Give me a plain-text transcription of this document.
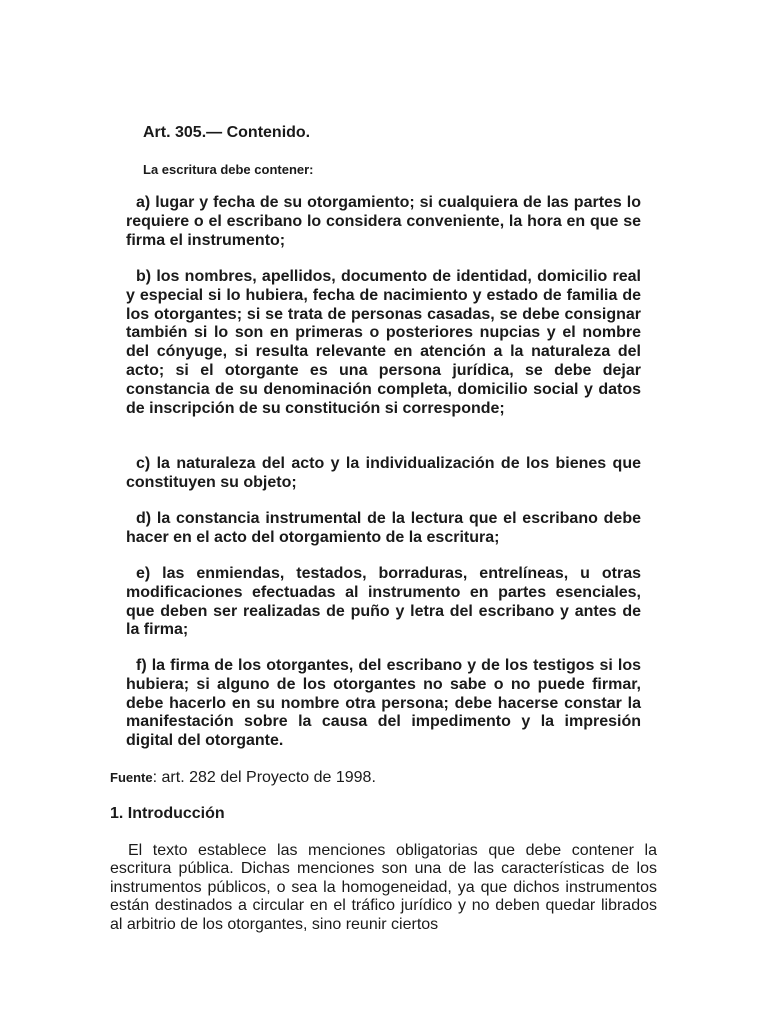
Art. 305.— Contenido.
La escritura debe contener:

a) lugar y fecha de su otorgamiento; si cualquiera de las partes lo requiere o el escribano lo considera conveniente, la hora en que se firma el instrumento;

b) los nombres, apellidos, documento de identidad, domicilio real y especial si lo hubiera, fecha de nacimiento y estado de familia de los otorgantes; si se trata de personas casadas, se debe consignar también si lo son en primeras o posteriores nupcias y el nombre del cónyuge, si resulta relevante en atención a la naturaleza del acto; si el otorgante es una persona jurídica, se debe dejar constancia de su denominación completa, domicilio social y datos de inscripción de su constitución si corresponde;

c) la naturaleza del acto y la individualización de los bienes que constituyen su objeto;

d) la constancia instrumental de la lectura que el escribano debe hacer en el acto del otorgamiento de la escritura;

e) las enmiendas, testados, borraduras, entrelíneas, u otras modificaciones efectuadas al instrumento en partes esenciales, que deben ser realizadas de puño y letra del escribano y antes de la firma;

f) la firma de los otorgantes, del escribano y de los testigos si los hubiera; si alguno de los otorgantes no sabe o no puede firmar, debe hacerlo en su nombre otra persona; debe hacerse constar la manifestación sobre la causa del impedimento y la impresión digital del otorgante.

Fuente: art. 282 del Proyecto de 1998.
1. Introducción

El texto establece las menciones obligatorias que debe contener la escritura pública. Dichas menciones son una de las características de los instrumentos públicos, o sea la homogeneidad, ya que dichos instrumentos están destinados a circular en el tráfico jurídico y no deben quedar librados al arbitrio de los otorgantes, sino reunir ciertos
